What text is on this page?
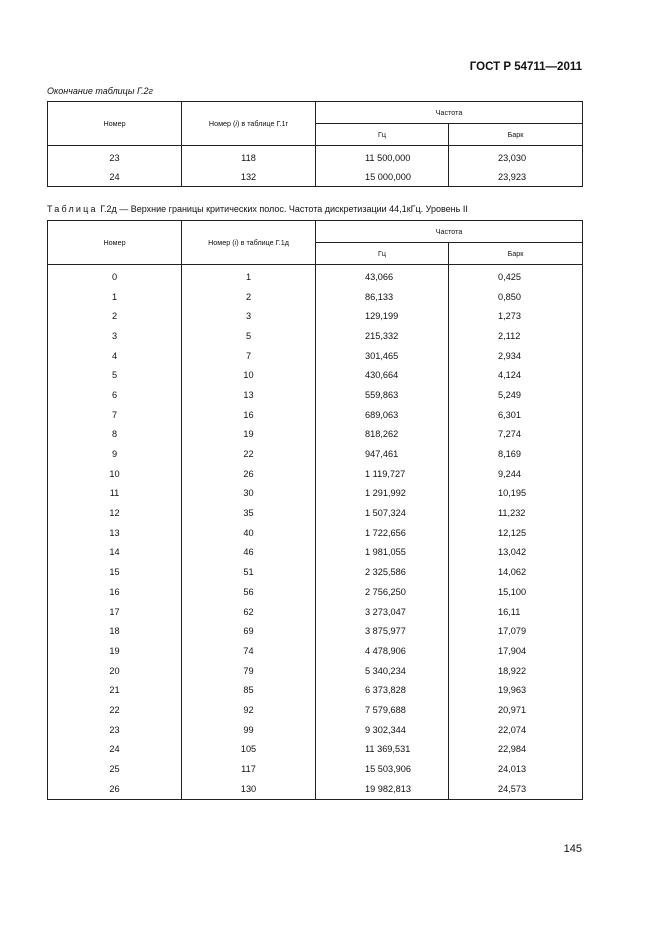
ГОСТ Р 54711—2011
Окончание таблицы Г.2г
Номер	Номер (i) в таблице Г.1г	Частота	
		Гц	Барк
23	118	11 500,000	23,030
24	132	15 000,000	23,923
Таблица Г.2д — Верхние границы критических полос. Частота дискретизации 44,1кГц. Уровень II
Номер	Номер (i) в таблице Г.1д	Частота	
		Гц	Барк
0	1	43,066	0,425
1	2	86,133	0,850
2	3	129,199	1,273
3	5	215,332	2,112
4	7	301,465	2,934
5	10	430,664	4,124
6	13	559,863	5,249
7	16	689,063	6,301
8	19	818,262	7,274
9	22	947,461	8,169
10	26	1 119,727	9,244
11	30	1 291,992	10,195
12	35	1 507,324	11,232
13	40	1 722,656	12,125
14	46	1 981,055	13,042
15	51	2 325,586	14,062
16	56	2 756,250	15,100
17	62	3 273,047	16,11
18	69	3 875,977	17,079
19	74	4 478,906	17,904
20	79	5 340,234	18,922
21	85	6 373,828	19,963
22	92	7 579,688	20,971
23	99	9 302,344	22,074
24	105	11 369,531	22,984
25	117	15 503,906	24,013
26	130	19 982,813	24,573
145
